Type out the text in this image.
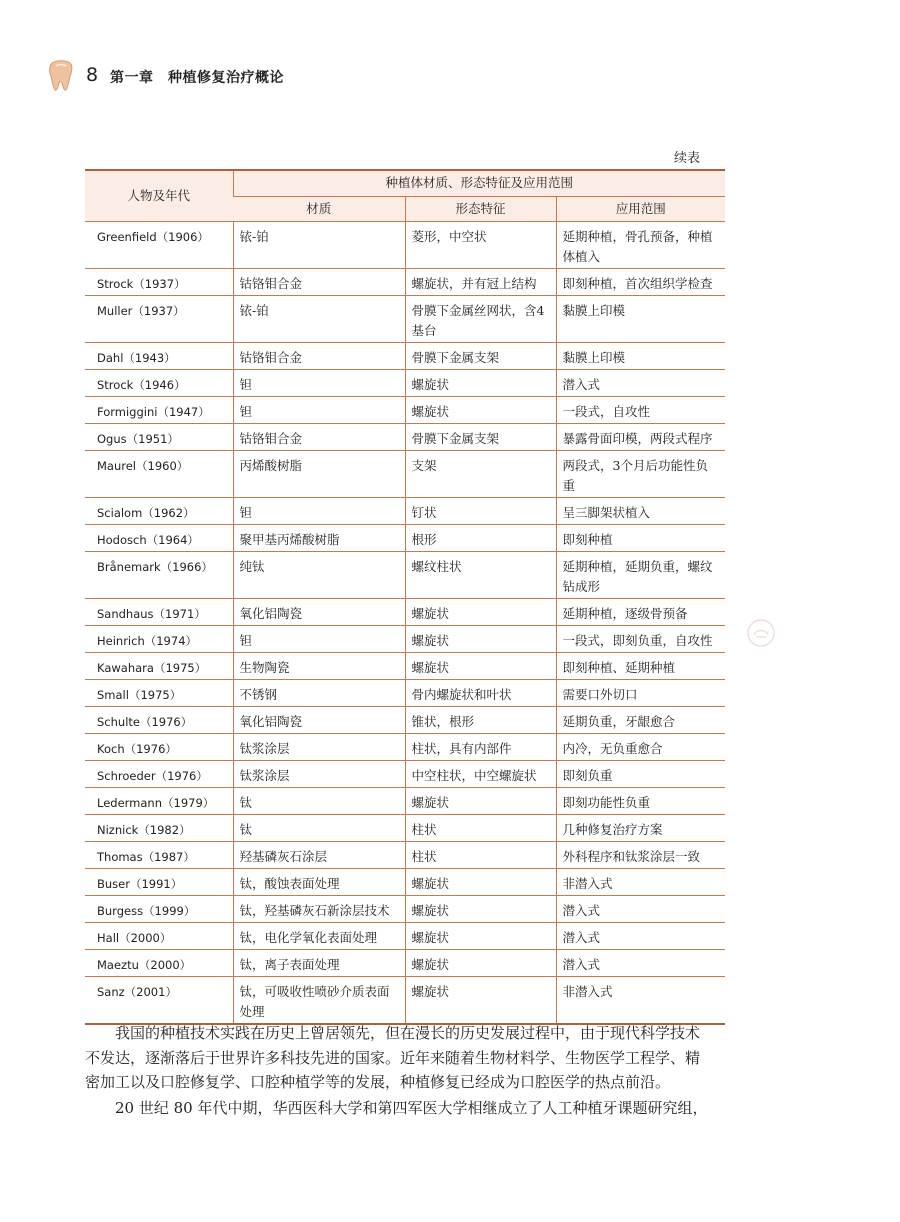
8 第一章　种植修复治疗概论
续表
人物及年代	种植体材质、形态特征及应用范围		
	材质	形态特征	应用范围
Greenfield（1906）	铱-铂	菱形，中空状	延期种植，骨孔预备，种植体植入
Strock（1937）	钴铬钼合金	螺旋状，并有冠上结构	即刻种植，首次组织学检查
Muller（1937）	铱-铂	骨膜下金属丝网状，含4基台	黏膜上印模
Dahl（1943）	钴铬钼合金	骨膜下金属支架	黏膜上印模
Strock（1946）	钽	螺旋状	潜入式
Formiggini（1947）	钽	螺旋状	一段式，自攻性
Ogus（1951）	钴铬钼合金	骨膜下金属支架	暴露骨面印模，两段式程序
Maurel（1960）	丙烯酸树脂	支架	两段式，3个月后功能性负重
Scialom（1962）	钽	钉状	呈三脚架状植入
Hodosch（1964）	聚甲基丙烯酸树脂	根形	即刻种植
Brånemark（1966）	纯钛	螺纹柱状	延期种植，延期负重，螺纹钻成形
Sandhaus（1971）	氧化铝陶瓷	螺旋状	延期种植，逐级骨预备
Heinrich（1974）	钽	螺旋状	一段式，即刻负重，自攻性
Kawahara（1975）	生物陶瓷	螺旋状	即刻种植、延期种植
Small（1975）	不锈钢	骨内螺旋状和叶状	需要口外切口
Schulte（1976）	氧化铝陶瓷	锥状，根形	延期负重，牙龈愈合
Koch（1976）	钛浆涂层	柱状，具有内部件	内冷，无负重愈合
Schroeder（1976）	钛浆涂层	中空柱状，中空螺旋状	即刻负重
Ledermann（1979）	钛	螺旋状	即刻功能性负重
Niznick（1982）	钛	柱状	几种修复治疗方案
Thomas（1987）	羟基磷灰石涂层	柱状	外科程序和钛浆涂层一致
Buser（1991）	钛，酸蚀表面处理	螺旋状	非潜入式
Burgess（1999）	钛，羟基磷灰石新涂层技术	螺旋状	潜入式
Hall（2000）	钛，电化学氧化表面处理	螺旋状	潜入式
Maeztu（2000）	钛，离子表面处理	螺旋状	潜入式
Sanz（2001）	钛，可吸收性喷砂介质表面处理	螺旋状	非潜入式
　　我国的种植技术实践在历史上曾居领先，但在漫长的历史发展过程中，由于现代科学技术
不发达，逐渐落后于世界许多科技先进的国家。近年来随着生物材料学、生物医学工程学、精
密加工以及口腔修复学、口腔种植学等的发展，种植修复已经成为口腔医学的热点前沿。
　　20 世纪 80 年代中期，华西医科大学和第四军医大学相继成立了人工种植牙课题研究组，
